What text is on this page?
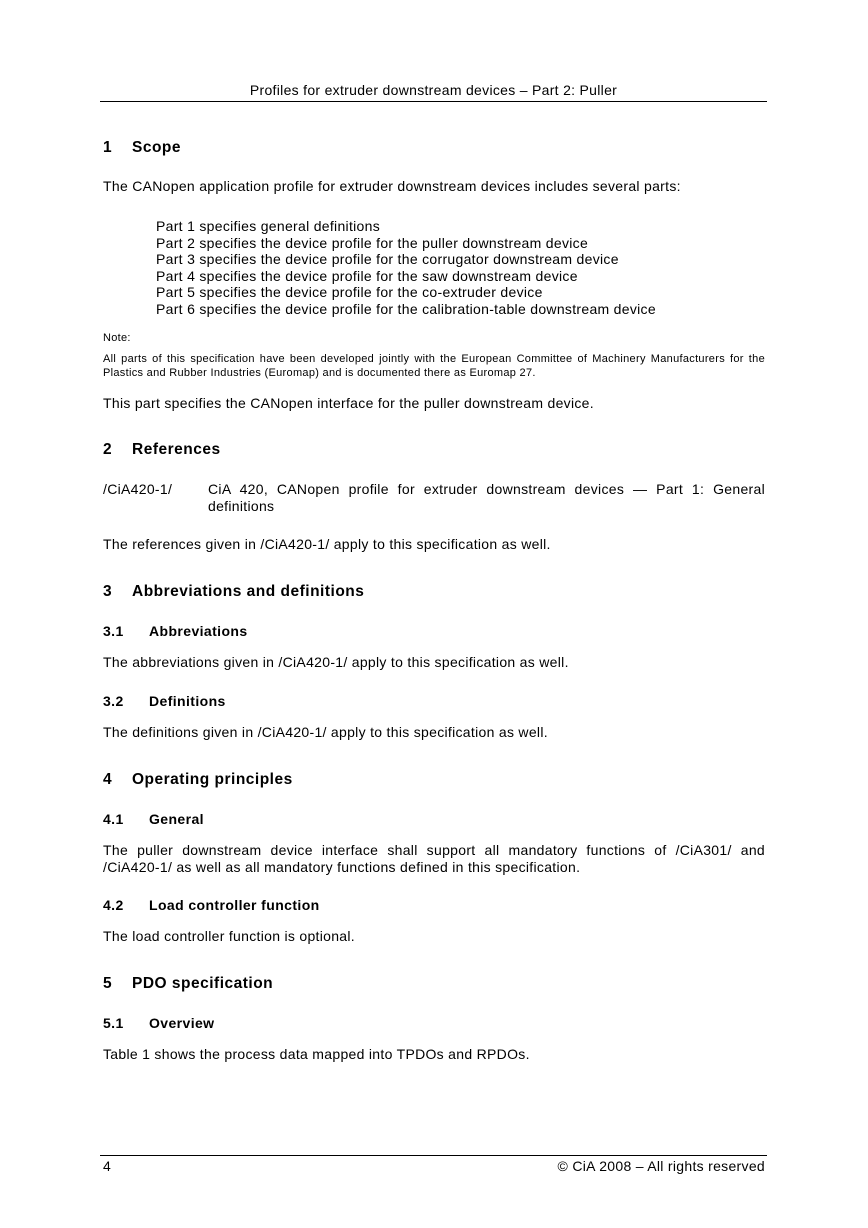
Profiles for extruder downstream devices – Part 2: Puller
1 Scope
The CANopen application profile for extruder downstream devices includes several parts:
Part 1 specifies general definitions
Part 2 specifies the device profile for the puller downstream device
Part 3 specifies the device profile for the corrugator downstream device
Part 4 specifies the device profile for the saw downstream device
Part 5 specifies the device profile for the co-extruder device
Part 6 specifies the device profile for the calibration-table downstream device
Note:
All parts of this specification have been developed jointly with the European Committee of Machinery Manufacturers for the Plastics and Rubber Industries (Euromap) and is documented there as Euromap 27.
This part specifies the CANopen interface for the puller downstream device.
2 References
/CiA420-1/	CiA 420, CANopen profile for extruder downstream devices — Part 1: General definitions
The references given in /CiA420-1/ apply to this specification as well.
3 Abbreviations and definitions
3.1 Abbreviations
The abbreviations given in /CiA420-1/ apply to this specification as well.
3.2 Definitions
The definitions given in /CiA420-1/ apply to this specification as well.
4 Operating principles
4.1 General
The puller downstream device interface shall support all mandatory functions of /CiA301/ and /CiA420-1/ as well as all mandatory functions defined in this specification.
4.2 Load controller function
The load controller function is optional.
5 PDO specification
5.1 Overview
Table 1 shows the process data mapped into TPDOs and RPDOs.
4	© CiA 2008 – All rights reserved
